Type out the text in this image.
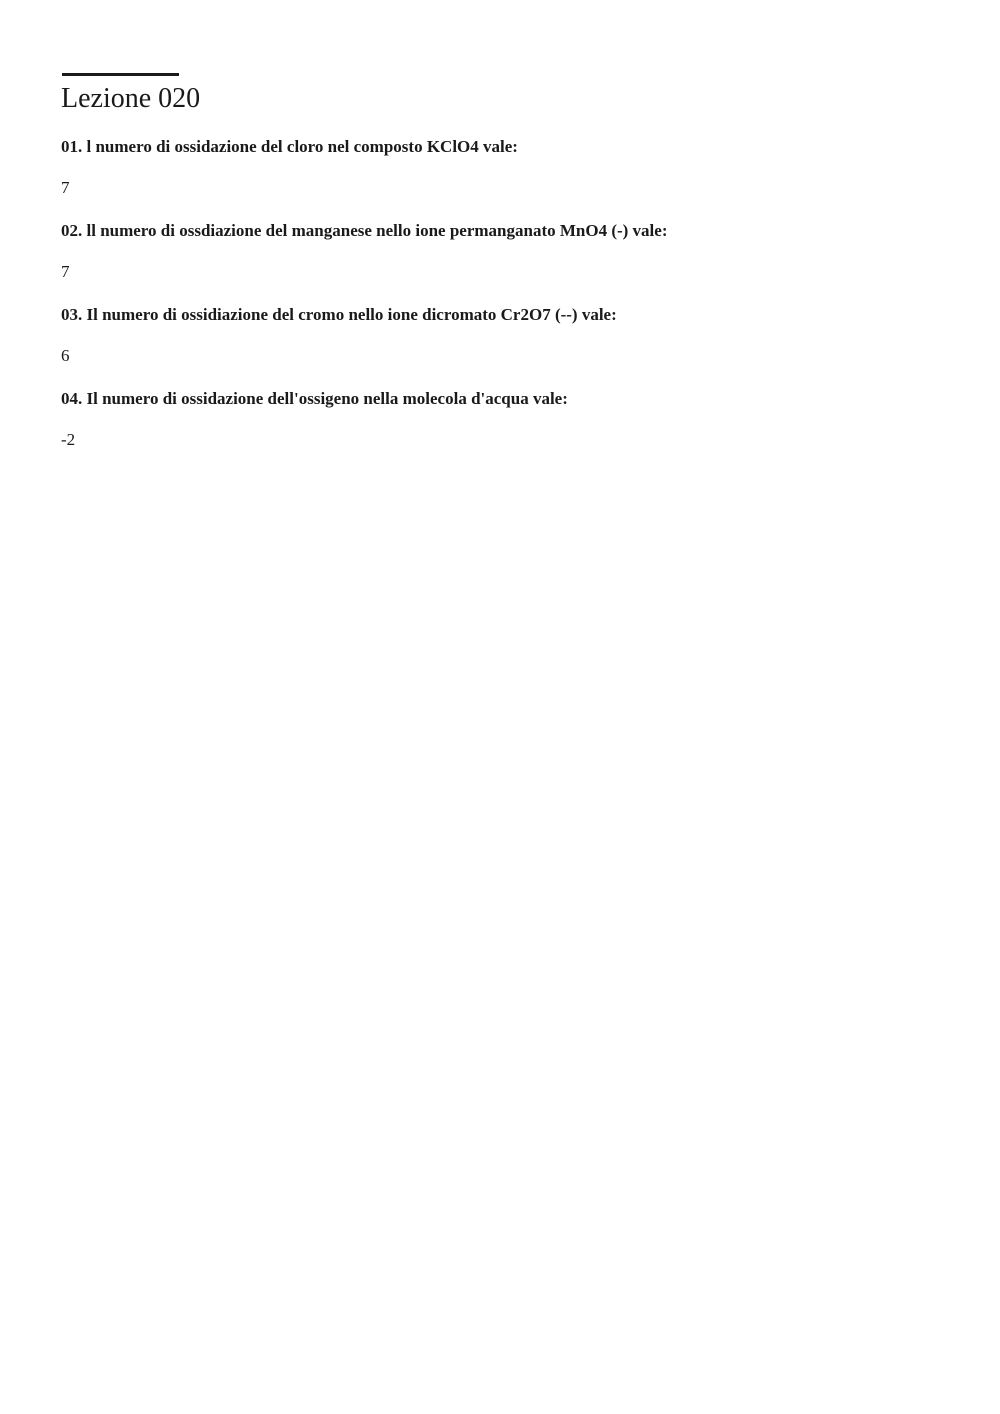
Lezione 020
01. l numero di ossidazione del cloro nel composto KClO4 vale:
7
02. ll numero di ossdiazione del manganese nello ione permanganato MnO4 (-) vale:
7
03. Il numero di ossidiazione del cromo nello ione dicromato Cr2O7 (--) vale:
6
04. Il numero di ossidazione dell'ossigeno nella molecola d'acqua vale:
-2
